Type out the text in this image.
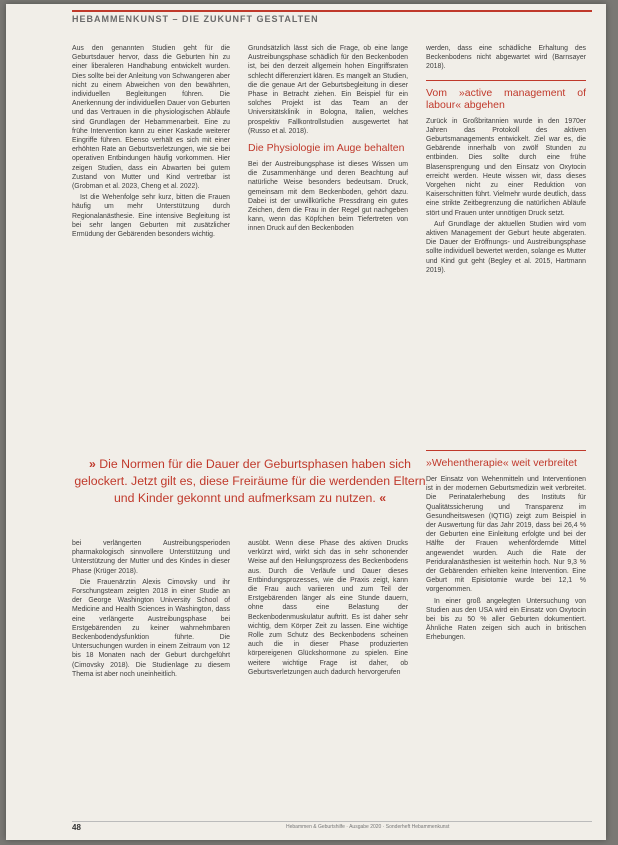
HEBAMMENKUNST – DIE ZUKUNFT GESTALTEN

Aus den genannten Studien geht für die Geburtsdauer hervor, dass die Geburten hin zu einer liberaleren Handhabung entwickelt wurden. Dies sollte bei der Anleitung von Schwangeren aber nicht zu einem Abweichen von den bewährten, individuellen Begleitungen führen. Die Anerkennung der individuellen Dauer von Geburten und das Vertrauen in die physiologischen Abläufe sind Grundlagen der Hebammenarbeit. Eine zu frühe Intervention kann zu einer Kaskade weiterer Eingriffe führen. Ebenso verhält es sich mit einer erhöhten Rate an Geburtsverletzungen, wie sie bei operativen Entbindungen häufig vorkommen. Hier zeigen Studien, dass ein Abwarten bei gutem Zustand von Mutter und Kind vertretbar ist (Grobman et al. 2023, Cheng et al. 2022).

Ist die Wehenfolge sehr kurz, bitten die Frauen häufig um mehr Unterstützung durch Regionalanästhesie. Eine intensive Begleitung ist bei sehr langen Geburten mit zusätzlicher Ermüdung der Gebärenden besonders wichtig.

Grundsätzlich lässt sich die Frage, ob eine lange Austreibungsphase schädlich für den Beckenboden ist, bei den derzeit allgemein hohen Eingriffsraten schlecht differenziert klären. Es mangelt an Studien, die die genaue Art der Geburtsbegleitung in dieser Phase in Betracht ziehen. Ein Beispiel für ein solches Projekt ist das Team an der Universitätsklinik in Bologna, Italien, welches prospektiv Fallkontrollstudien ausgewertet hat (Russo et al. 2018).

Die Physiologie im Auge behalten

Bei der Austreibungsphase ist dieses Wissen um die Zusammenhänge und deren Beachtung auf natürliche Weise besonders bedeutsam. Druck, gemeinsam mit dem Beckenboden, gehört dazu. Dabei ist der unwillkürliche Pressdrang ein gutes Zeichen, dem die Frau in der Regel gut nachgeben kann, wenn das Köpfchen beim Tiefertreten von innen Druck auf den Beckenboden

werden, dass eine schädliche Erhaltung des Beckenbodens nicht abgewartet wird (Barnsayer 2018).

Vom »active management of labour« abgehen

Zurück in Großbritannien wurde in den 1970er Jahren das Protokoll des aktiven Geburtsmanagements entwickelt. Ziel war es, die Gebärende innerhalb von zwölf Stunden zu entbinden. Dies sollte durch eine frühe Blasensprengung und den Einsatz von Oxytocin erreicht werden. Heute wissen wir, dass dieses Vorgehen nicht zu einer Reduktion von Kaiserschnitten führt. Vielmehr wurde deutlich, dass eine strikte Zeitbegrenzung die natürlichen Abläufe stört und Frauen unter unnötigen Druck setzt.

Auf Grundlage der aktuellen Studien wird vom aktiven Management der Geburt heute abgeraten. Die Dauer der Eröffnungs- und Austreibungsphase sollte individuell bewertet werden, solange es Mutter und Kind gut geht (Begley et al. 2015, Hartmann 2019).

» Die Normen für die Dauer der Geburtsphasen haben sich gelockert. Jetzt gilt es, diese Freiräume für die werdenden Eltern und Kinder gekonnt und aufmerksam zu nutzen. «

bei verlängerten Austreibungsperioden pharmakologisch sinnvollere Unterstützung und Unterstützung der Mutter und des Kindes in dieser Phase (Krüger 2018).

Die Frauenärztin Alexis Cimovsky und ihr Forschungsteam zeigten 2018 in einer Studie an der George Washington University School of Medicine and Health Sciences in Washington, dass eine verlängerte Austreibungsphase bei Erstgebärenden zu keiner wahrnehmbaren Beckenbodendysfunktion führte. Die Untersuchungen wurden in einem Zeitraum von 12 bis 18 Monaten nach der Geburt durchgeführt (Cimovsky 2018). Die Studienlage zu diesem Thema ist aber noch uneinheitlich.

ausübt. Wenn diese Phase des aktiven Drucks verkürzt wird, wirkt sich das in sehr schonender Weise auf den Heilungsprozess des Beckenbodens aus. Durch die Verläufe und Dauer dieses Entbindungsprozesses, wie die Praxis zeigt, kann die Frau auch variieren und zum Teil der Erstgebärenden länger als eine Stunde dauern, ohne dass eine Belastung der Beckenbodenmuskulatur auftritt. Es ist daher sehr wichtig, dem Körper Zeit zu lassen. Eine wichtige Rolle zum Schutz des Beckenbodens scheinen auch die in dieser Phase produzierten körpereigenen Glückshormone zu spielen. Eine weitere wichtige Frage ist daher, ob Geburtsverletzungen auch dadurch hervorgerufen

»Wehentherapie« weit verbreitet

Der Einsatz von Wehenmitteln und Interventionen ist in der modernen Geburtsmedizin weit verbreitet. Die Perinatalerhebung des Instituts für Qualitätssicherung und Transparenz im Gesundheitswesen (IQTIG) zeigt zum Beispiel in der Auswertung für das Jahr 2019, dass bei 26,4 % der Geburten eine Einleitung erfolgte und bei der Hälfte der Frauen wehenfördernde Mittel angewendet wurden. Auch die Rate der Periduralanästhesien ist weiterhin hoch. Nur 9,3 % der Gebärenden erhielten keine Intervention. Eine Geburt mit Episiotomie wurde bei 12,1 % vorgenommen.

In einer groß angelegten Untersuchung von Studien aus den USA wird ein Einsatz von Oxytocin bei bis zu 50 % aller Geburten dokumentiert. Ähnliche Raten zeigen sich auch in britischen Erhebungen.

48	Hebammen & Geburtshilfe · Ausgabe 2020 · Sonderheft Hebammenkunst
